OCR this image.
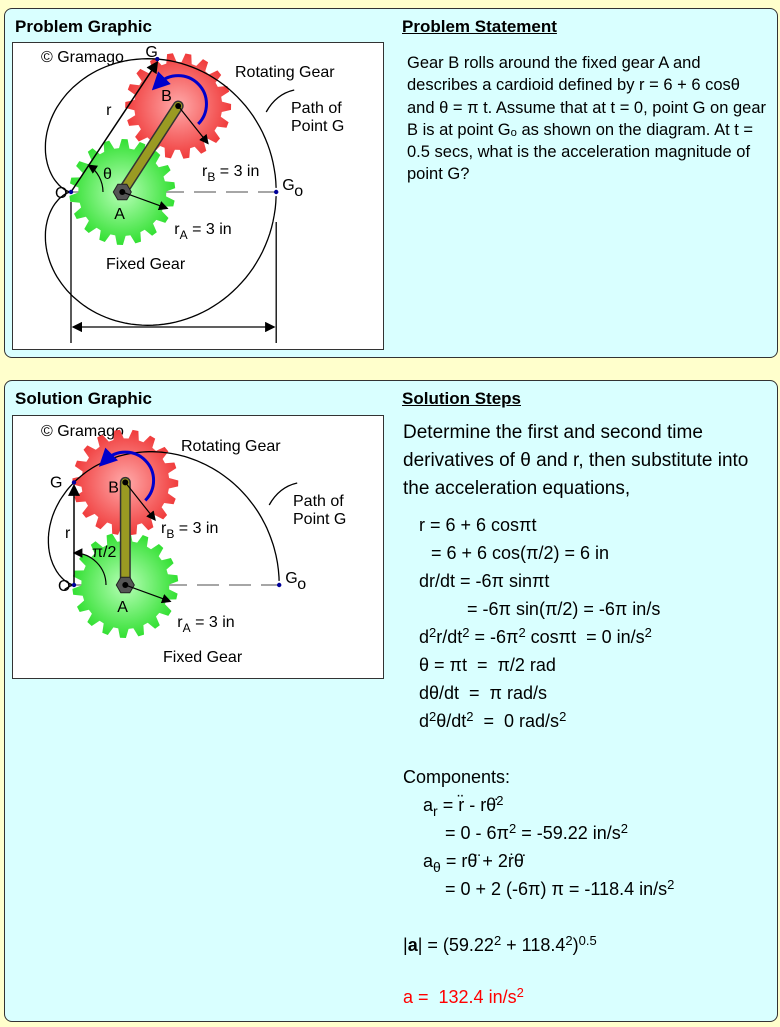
Problem Graphic	Problem Statement
© Gramago
O	G o
G
B
A
Rotating Gear
Path of
Point G
Fixed Gear
$r_A = 3$ in
$r_B = 3$ in
r
θ
Gear B rolls around the fixed gear A and describes a cardioid defined by r = 6 + 6 cosθ and θ = π t. Assume that at t = 0, point G on gear B is at point Gₒ as shown on the diagram. At t = 0.5 secs, what is the acceleration magnitude of point G?
Solution Graphic	Solution Steps
© Gramago
O	G o
G	B
A
Rotating Gear
Path of
Point G
Fixed Gear
$r_A = 3$ in
$r_B = 3$ in
r
π/2
Determine the first and second time derivatives of θ and r, then substitute into the acceleration equations,
r = 6 + 6 cosπt
= 6 + 6 cos(π/2) = 6 in
dr/dt = -6π sinπt
= -6π sin(π/2) = -6π in/s
$d^2r/dt^2 = -6\pi^2$ cosπt  = 0 $in/s^2$
θ = πt  =  π/2 rad
dθ/dt  =  π rad/s
$d^2\theta/dt^2 = 0$ rad/$s^2$
Components:
$a_r$ = r̈ - rθ̇$^2$
= $0 - 6\pi^2 = -59.22$ $in/s^2$
$a_\theta$ = rθ̈ + 2ṙθ̇
= 0 + 2 (-6π) π = -118.4 $in/s^2$
$|a| = (59.22^2 + 118.4^2)^{0.5}$
a =  132.4 $in/s^2$
